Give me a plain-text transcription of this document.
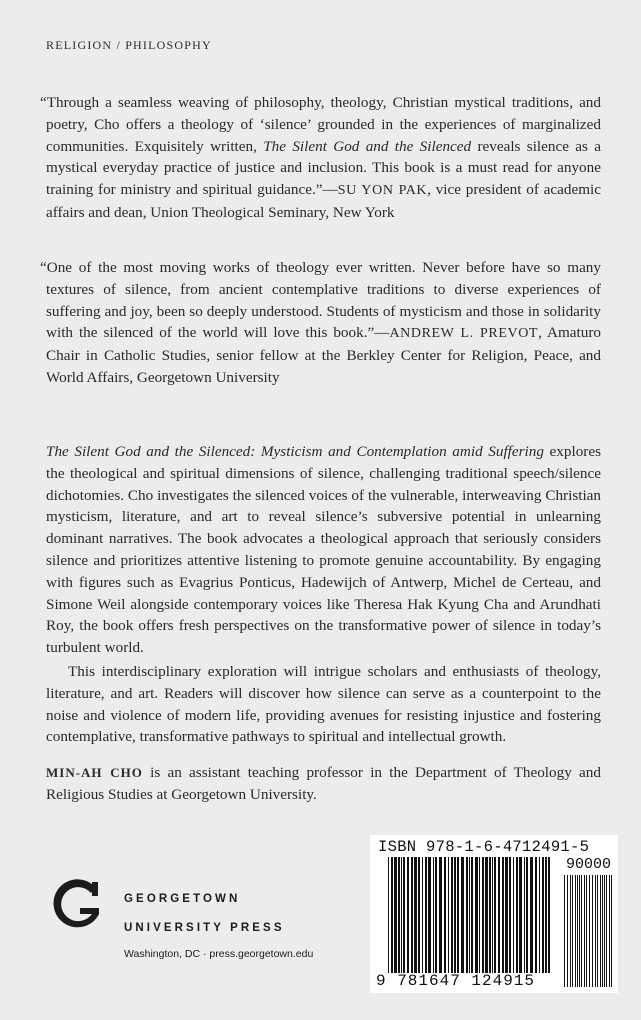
RELIGION / PHILOSOPHY

“Through a seamless weaving of philosophy, theology, Christian mystical traditions, and poetry, Cho offers a theology of ‘silence’ grounded in the experiences of marginalized communities. Exquisitely written, The Silent God and the Silenced reveals silence as a mystical everyday practice of justice and inclusion. This book is a must read for anyone training for ministry and spiritual guidance.”—SU YON PAK, vice president of academic affairs and dean, Union Theological Seminary, New York

“One of the most moving works of theology ever written. Never before have so many textures of silence, from ancient contemplative traditions to diverse experiences of suffering and joy, been so deeply understood. Students of mysticism and those in solidarity with the silenced of the world will love this book.”—ANDREW L. PREVOT, Amaturo Chair in Catholic Studies, senior fellow at the Berkley Center for Religion, Peace, and World Affairs, Georgetown University

The Silent God and the Silenced: Mysticism and Contemplation amid Suffering explores the theological and spiritual dimensions of silence, challenging traditional speech/silence dichotomies. Cho investigates the silenced voices of the vulnerable, interweaving Christian mysticism, literature, and art to reveal silence’s subversive potential in unlearning dominant narratives. The book advocates a theological approach that seriously considers silence and prioritizes attentive listening to promote genuine accountability. By engaging with figures such as Evagrius Ponticus, Hadewijch of Antwerp, Michel de Certeau, and Simone Weil alongside contemporary voices like Theresa Hak Kyung Cha and Arundhati Roy, the book offers fresh perspectives on the transformative power of silence in today’s turbulent world.

This interdisciplinary exploration will intrigue scholars and enthusiasts of theology, literature, and art. Readers will discover how silence can serve as a counterpoint to the noise and violence of modern life, providing avenues for resisting injustice and fostering contemplative, transformative pathways to spiritual and intellectual growth.

MIN-AH CHO is an assistant teaching professor in the Department of Theology and Religious Studies at Georgetown University.

GEORGETOWN
UNIVERSITY PRESS
Washington, DC · press.georgetown.edu
ISBN 978-1-6-4712491-5
90000
9 781647 124915
